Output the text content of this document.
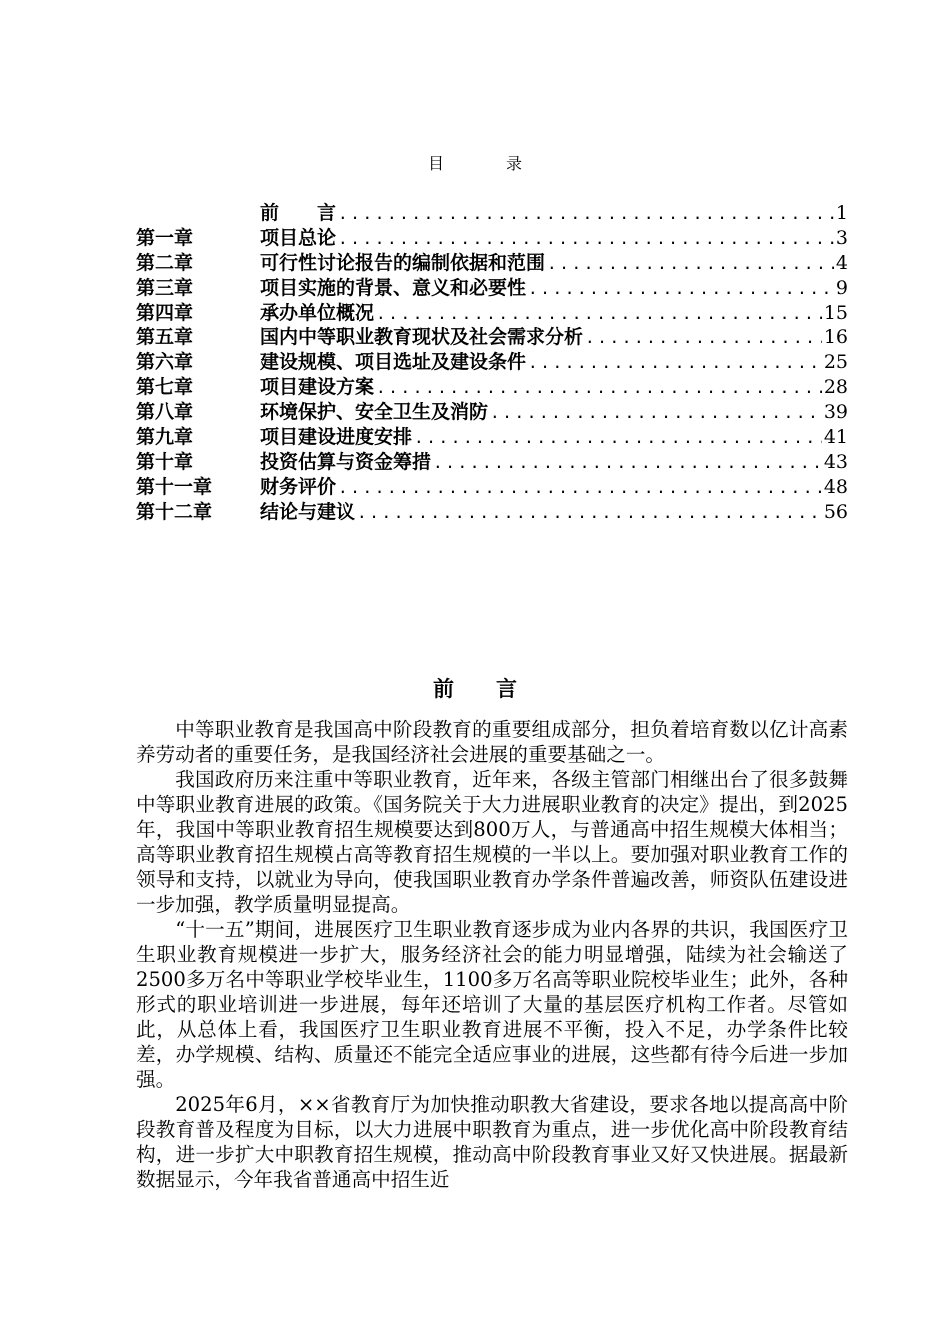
目	录
前　　言 .....	1
第一章	项目总论 .....	3
第二章	可行性讨论报告的编制依据和范围 .....	4
第三章	项目实施的背景、意义和必要性 .....	9
第四章	承办单位概况 .....	15
第五章	国内中等职业教育现状及社会需求分析 .....	16
第六章	建设规模、项目选址及建设条件 .....	25
第七章	项目建设方案 .....	28
第八章	环境保护、安全卫生及消防 .....	39
第九章	项目建设进度安排 .....	41
第十章	投资估算与资金筹措 .....	43
第十一章	财务评价 .....	48
第十二章	结论与建议 .....	56
前 言

中等职业教育是我国高中阶段教育的重要组成部分，担负着培育数以亿计高素养劳动者的重要任务，是我国经济社会进展的重要基础之一。

我国政府历来注重中等职业教育，近年来，各级主管部门相继出台了很多鼓舞中等职业教育进展的政策。《国务院关于大力进展职业教育的决定》提出，到2025年，我国中等职业教育招生规模要达到800万人，与普通高中招生规模大体相当；高等职业教育招生规模占高等教育招生规模的一半以上。要加强对职业教育工作的领导和支持，以就业为导向，使我国职业教育办学条件普遍改善，师资队伍建设进一步加强，教学质量明显提高。

“十一五”期间，进展医疗卫生职业教育逐步成为业内各界的共识，我国医疗卫生职业教育规模进一步扩大，服务经济社会的能力明显增强，陆续为社会输送了2500多万名中等职业学校毕业生，1100多万名高等职业院校毕业生；此外，各种形式的职业培训进一步进展，每年还培训了大量的基层医疗机构工作者。尽管如此，从总体上看，我国医疗卫生职业教育进展不平衡，投入不足，办学条件比较差，办学规模、结构、质量还不能完全适应事业的进展，这些都有待今后进一步加强。

2025年6月，××省教育厅为加快推动职教大省建设，要求各地以提高高中阶段教育普及程度为目标，以大力进展中职教育为重点，进一步优化高中阶段教育结构，进一步扩大中职教育招生规模，推动高中阶段教育事业又好又快进展。据最新数据显示，今年我省普通高中招生近
